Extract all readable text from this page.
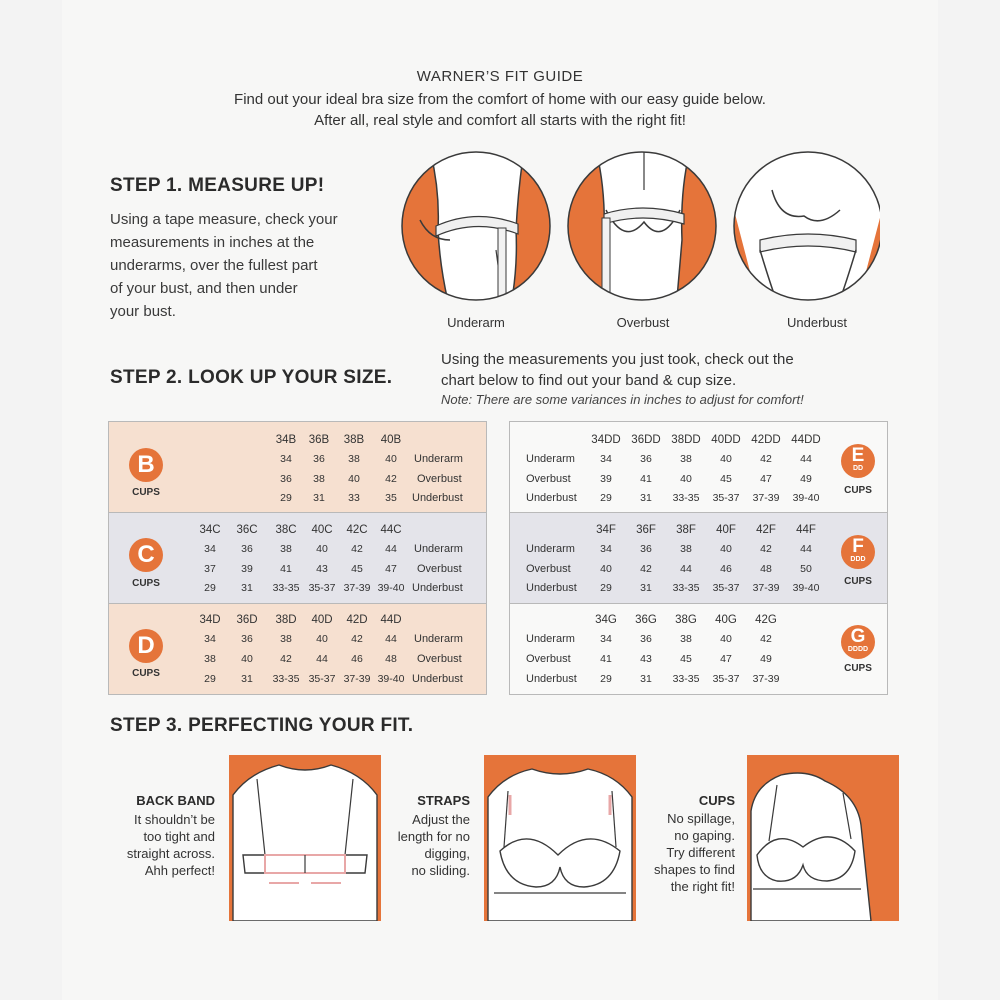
WARNER’S FIT GUIDE
Find out your ideal bra size from the comfort of home with our easy guide below.
After all, real style and comfort all starts with the right fit!
STEP 1. MEASURE UP!
Using a tape measure, check your
measurements in inches at the
underarms, over the fullest part
of your bust, and then under
your bust.
Underarm	Overbust	Underbust
STEP 2. LOOK UP YOUR SIZE.
Using the measurements you just took, check out the
chart below to find out your band & cup size.
Note: There are some variances in inches to adjust for comfort!
B
CUPS
34B	36B	38B	40B
34	36	38	40
36	38	40	42
29	31	33	35
Underarm
Overbust
Underbust
C
CUPS
34C	36C	38C	40C	42C	44C
34	36	38	40	42	44
37	39	41	43	45	47
29	31	33-35 35-37 37-39 39-40
Underarm
Overbust
Underbust
D
CUPS
34D	36D	38D	40D	42D	44D
34	36	38	40	42	44
38	40	42	44	46	48
29	31	33-35 35-37 37-39 39-40
Underarm
Overbust
Underbust
Underarm
Overbust
Underbust
34DD 36DD 38DD 40DD 42DD 44DD
34	36	38	40	42	44
39	41	40	45	47	49
29	31	33-35	35-37	37-39	39-40
E
DD
CUPS
Underarm
Overbust
Underbust
34F	36F	38F	40F	42F	44F
34	36	38	40	42	44
40	42	44	46	48	50
29	31	33-35	35-37	37-39	39-40
F
DDD
CUPS
Underarm
Overbust
Underbust
34G	36G	38G	40G	42G
34	36	38	40	42
41	43	45	47	49
29	31	33-35	35-37	37-39
G
DDDD
CUPS
STEP 3. PERFECTING YOUR FIT.
BACK BAND
It shouldn’t be
too tight and
straight across.
Ahh perfect!
STRAPS
Adjust the
length for no
digging,
no sliding.
CUPS
No spillage,
no gaping.
Try different
shapes to find
the right fit!
